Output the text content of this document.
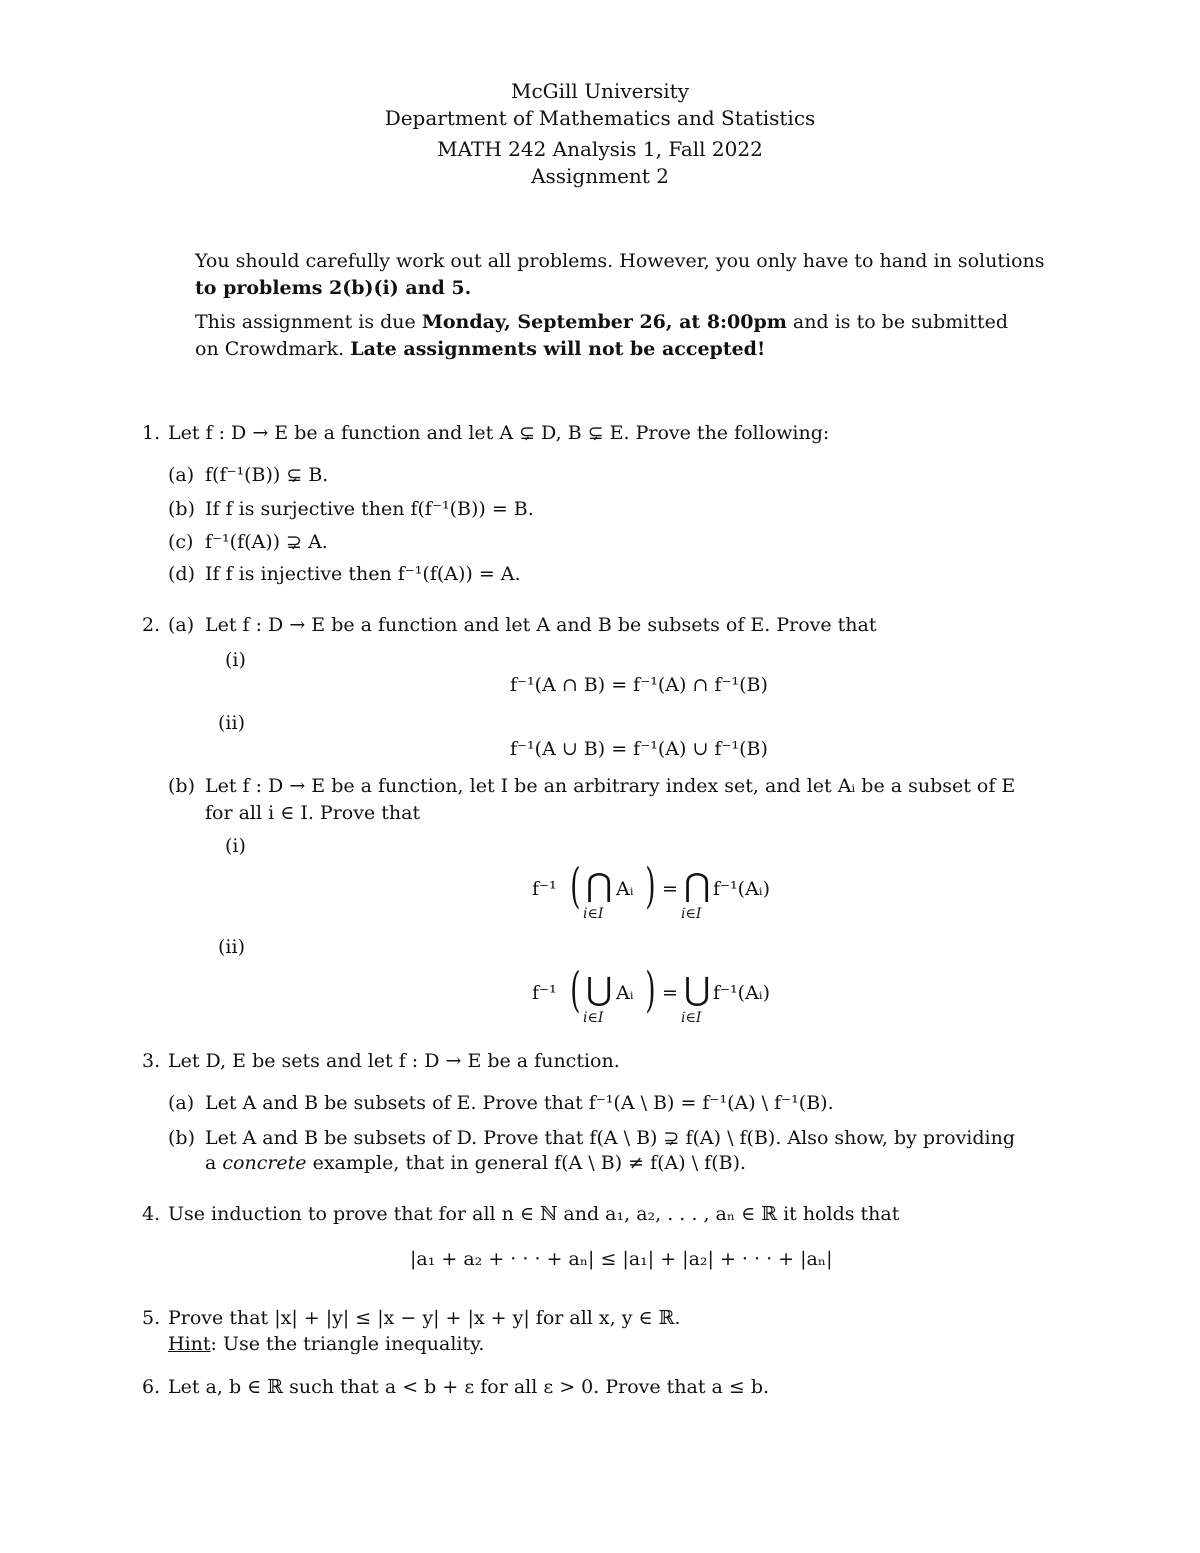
McGill University
Department of Mathematics and Statistics
MATH 242 Analysis 1, Fall 2022
Assignment 2
You should carefully work out all problems. However, you only have to hand in solutions
to problems 2(b)(i) and 5.
This assignment is due Monday, September 26, at 8:00pm and is to be submitted
on Crowdmark. Late assignments will not be accepted!
1. Let f : D → E be a function and let A ⊊ D, B ⊊ E. Prove the following:
(a) f(f⁻¹(B)) ⊊ B.
(b) If f is surjective then f(f⁻¹(B)) = B.
(c) f⁻¹(f(A)) ⊋ A.
(d) If f is injective then f⁻¹(f(A)) = A.
2. (a) Let f : D → E be a function and let A and B be subsets of E. Prove that
(i)
f⁻¹(A ∩ B) = f⁻¹(A) ∩ f⁻¹(B)
(ii)
f⁻¹(A ∪ B) = f⁻¹(A) ∪ f⁻¹(B)
(b) Let f : D → E be a function, let I be an arbitrary index set, and let Aᵢ be a subset of E
for all i ∈ I. Prove that
(i)
f⁻¹ ( ⋂ Aᵢ ) = ⋂ f⁻¹(Aᵢ)
i∈I	i∈I
(ii)
f⁻¹ ( ⋃ Aᵢ ) = ⋃ f⁻¹(Aᵢ)
i∈I	i∈I
3. Let D, E be sets and let f : D → E be a function.
(a) Let A and B be subsets of E. Prove that f⁻¹(A \ B) = f⁻¹(A) \ f⁻¹(B).
(b) Let A and B be subsets of D. Prove that f(A \ B) ⊋ f(A) \ f(B). Also show, by providing
a concrete example, that in general f(A \ B) ≠ f(A) \ f(B).
4. Use induction to prove that for all n ∈ ℕ and a₁, a₂, . . . , aₙ ∈ ℝ it holds that
|a₁ + a₂ + · · · + aₙ| ≤ |a₁| + |a₂| + · · · + |aₙ|
5. Prove that |x| + |y| ≤ |x − y| + |x + y| for all x, y ∈ ℝ.
Hint: Use the triangle inequality.
6. Let a, b ∈ ℝ such that a < b + ε for all ε > 0. Prove that a ≤ b.
